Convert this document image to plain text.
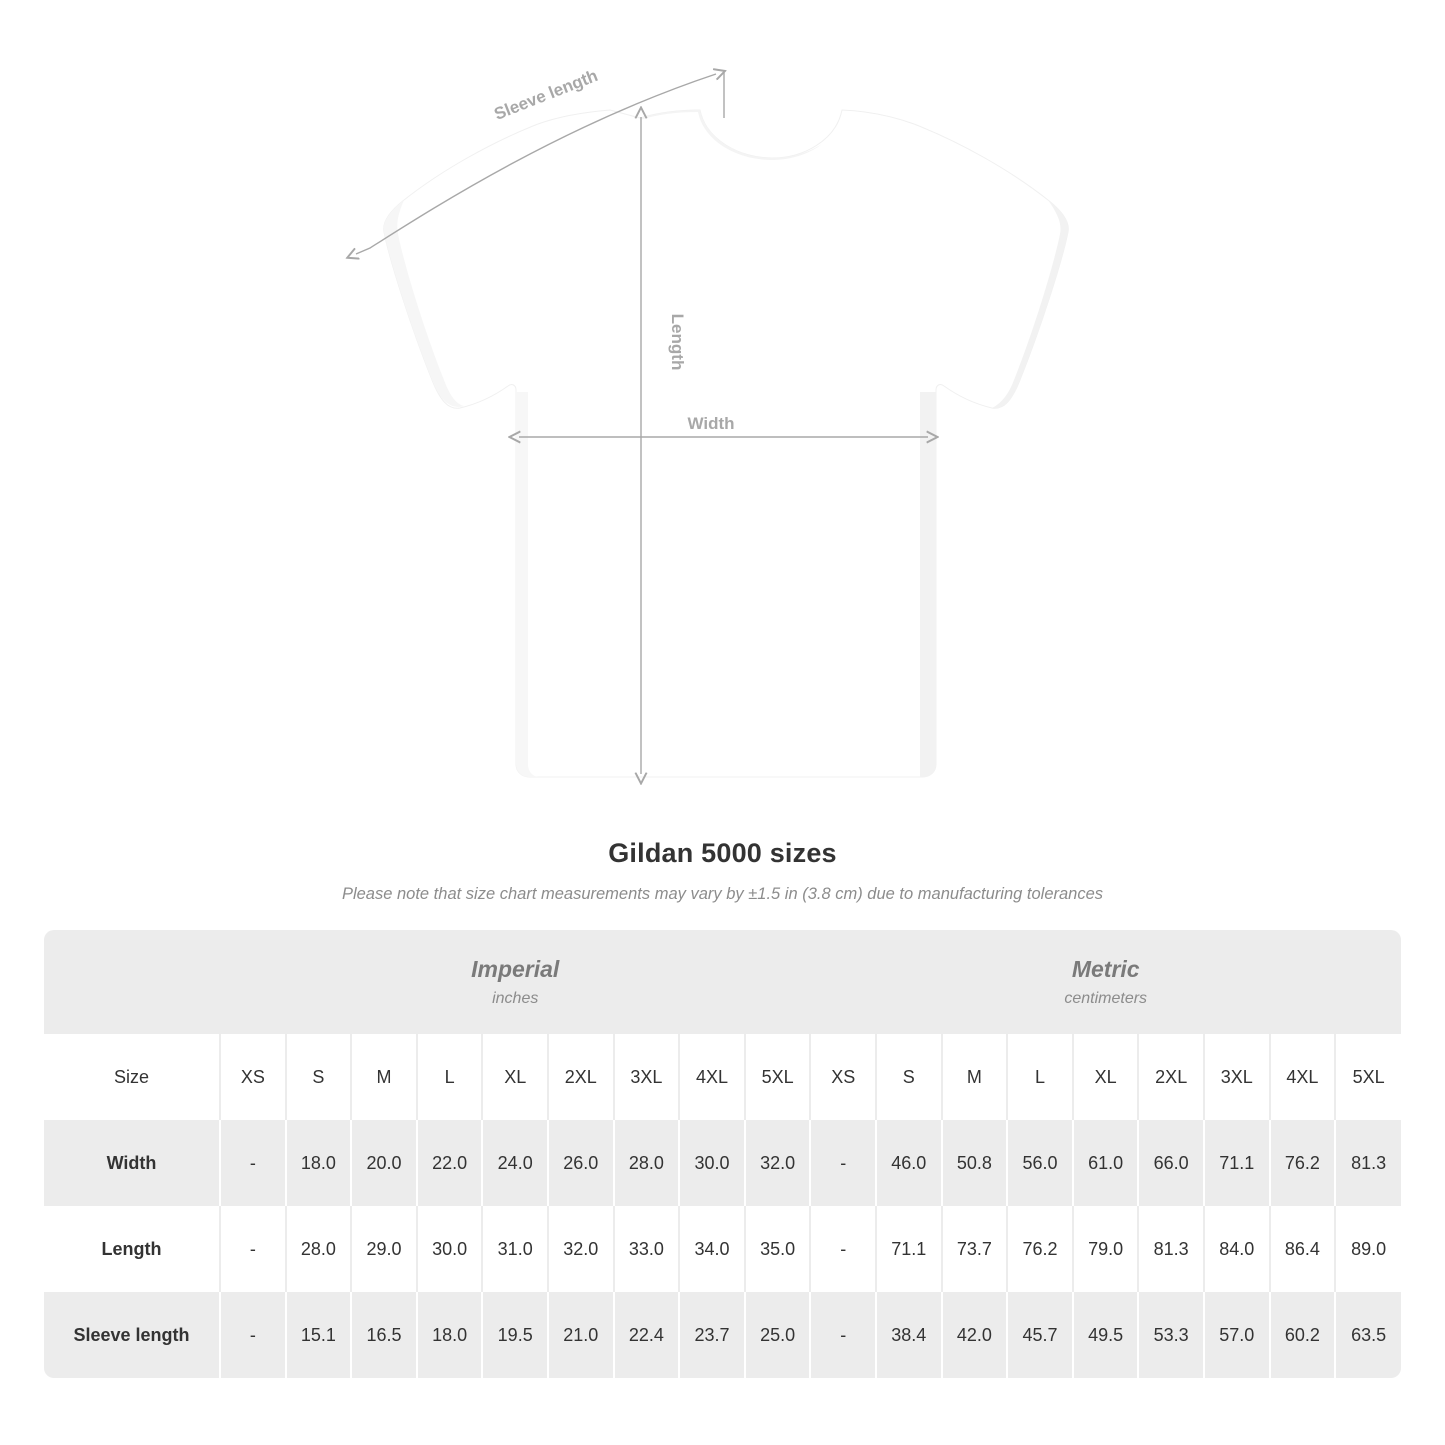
Sleeve length
Length
Width
Gildan 5000 sizes
Please note that size chart measurements may vary by ±1.5 in (3.8 cm) due to manufacturing tolerances

Imperial
inches

Metric
centimeters

Size	XS	S	M	L	XL	2XL	3XL	4XL	5XL	XS	S	M	L	XL	2XL	3XL	4XL	5XL
Width	-	18.0	20.0	22.0	24.0	26.0	28.0	30.0	32.0	-	46.0	50.8	56.0	61.0	66.0	71.1	76.2	81.3
Length	-	28.0	29.0	30.0	31.0	32.0	33.0	34.0	35.0	-	71.1	73.7	76.2	79.0	81.3	84.0	86.4	89.0
Sleeve length	-	15.1	16.5	18.0	19.5	21.0	22.4	23.7	25.0	-	38.4	42.0	45.7	49.5	53.3	57.0	60.2	63.5
